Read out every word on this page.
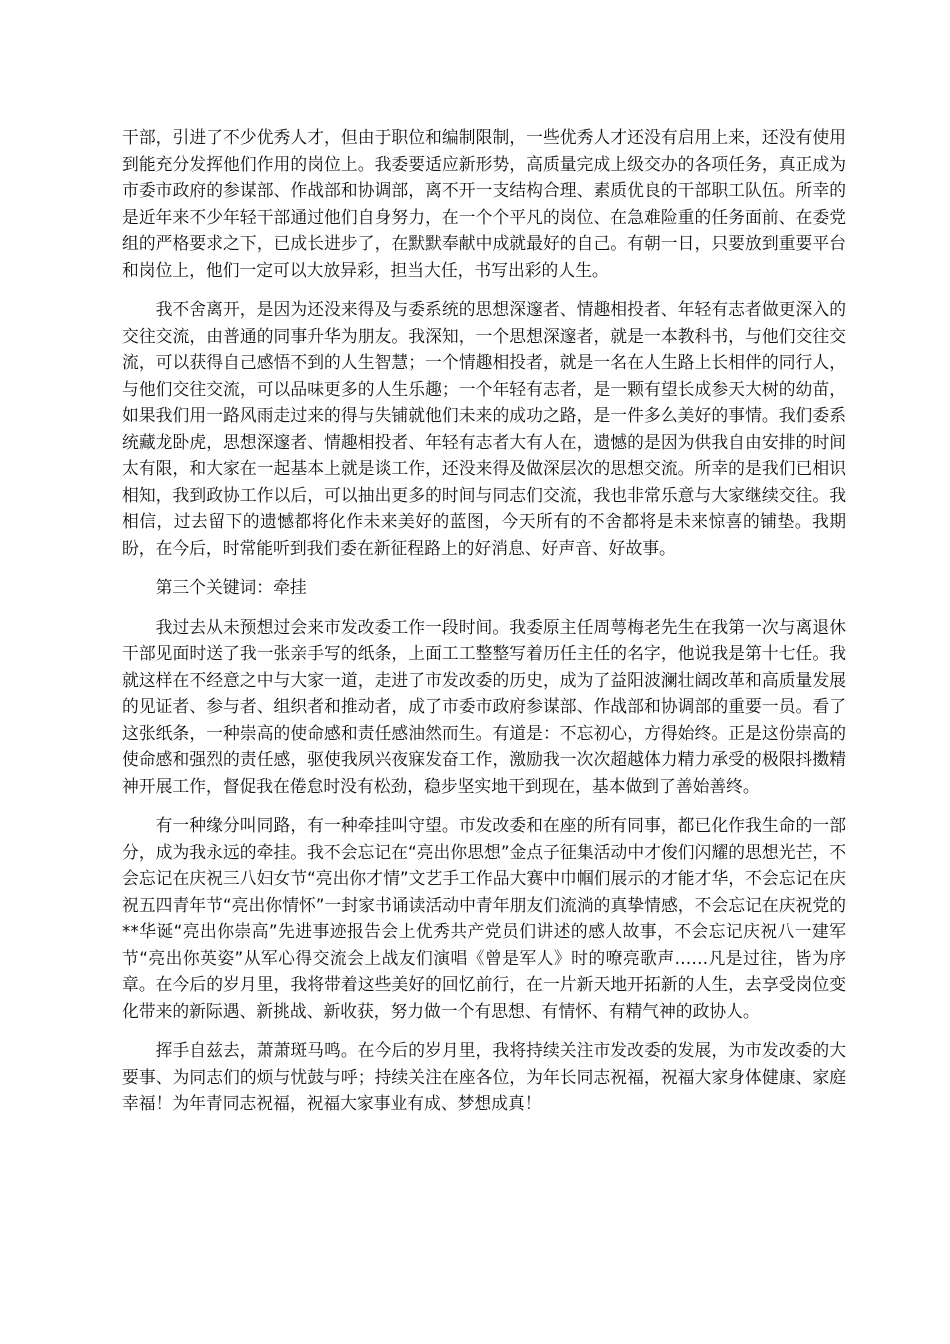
干部，引进了不少优秀人才，但由于职位和编制限制，一些优秀人才还没有启用上来，还没有使用到能充分发挥他们作用的岗位上。我委要适应新形势，高质量完成上级交办的各项任务，真正成为市委市政府的参谋部、作战部和协调部，离不开一支结构合理、素质优良的干部职工队伍。所幸的是近年来不少年轻干部通过他们自身努力，在一个个平凡的岗位、在急难险重的任务面前、在委党组的严格要求之下，已成长进步了，在默默奉献中成就最好的自己。有朝一日，只要放到重要平台和岗位上，他们一定可以大放异彩，担当大任，书写出彩的人生。

我不舍离开，是因为还没来得及与委系统的思想深邃者、情趣相投者、年轻有志者做更深入的交往交流，由普通的同事升华为朋友。我深知，一个思想深邃者，就是一本教科书，与他们交往交流，可以获得自己感悟不到的人生智慧；一个情趣相投者，就是一名在人生路上长相伴的同行人，与他们交往交流，可以品味更多的人生乐趣；一个年轻有志者，是一颗有望长成参天大树的幼苗，如果我们用一路风雨走过来的得与失铺就他们未来的成功之路，是一件多么美好的事情。我们委系统藏龙卧虎，思想深邃者、情趣相投者、年轻有志者大有人在，遗憾的是因为供我自由安排的时间太有限，和大家在一起基本上就是谈工作，还没来得及做深层次的思想交流。所幸的是我们已相识相知，我到政协工作以后，可以抽出更多的时间与同志们交流，我也非常乐意与大家继续交往。我相信，过去留下的遗憾都将化作未来美好的蓝图，今天所有的不舍都将是未来惊喜的铺垫。我期盼，在今后，时常能听到我们委在新征程路上的好消息、好声音、好故事。

第三个关键词：牵挂

我过去从未预想过会来市发改委工作一段时间。我委原主任周萼梅老先生在我第一次与离退休干部见面时送了我一张亲手写的纸条，上面工工整整写着历任主任的名字，他说我是第十七任。我就这样在不经意之中与大家一道，走进了市发改委的历史，成为了益阳波澜壮阔改革和高质量发展的见证者、参与者、组织者和推动者，成了市委市政府参谋部、作战部和协调部的重要一员。看了这张纸条，一种崇高的使命感和责任感油然而生。有道是：不忘初心，方得始终。正是这份崇高的使命感和强烈的责任感，驱使我夙兴夜寐发奋工作，激励我一次次超越体力精力承受的极限抖擞精神开展工作，督促我在倦怠时没有松劲，稳步坚实地干到现在，基本做到了善始善终。

有一种缘分叫同路，有一种牵挂叫守望。市发改委和在座的所有同事，都已化作我生命的一部分，成为我永远的牵挂。我不会忘记在“亮出你思想”金点子征集活动中才俊们闪耀的思想光芒，不会忘记在庆祝三八妇女节“亮出你才情”文艺手工作品大赛中巾帼们展示的才能才华，不会忘记在庆祝五四青年节“亮出你情怀”一封家书诵读活动中青年朋友们流淌的真挚情感，不会忘记在庆祝党的**华诞“亮出你崇高”先进事迹报告会上优秀共产党员们讲述的感人故事，不会忘记庆祝八一建军节“亮出你英姿”从军心得交流会上战友们演唱《曾是军人》时的嘹亮歌声……凡是过往，皆为序章。在今后的岁月里，我将带着这些美好的回忆前行，在一片新天地开拓新的人生，去享受岗位变化带来的新际遇、新挑战、新收获，努力做一个有思想、有情怀、有精气神的政协人。

挥手自兹去，萧萧斑马鸣。在今后的岁月里，我将持续关注市发改委的发展，为市发改委的大要事、为同志们的烦与忧鼓与呼；持续关注在座各位，为年长同志祝福，祝福大家身体健康、家庭幸福！为年青同志祝福，祝福大家事业有成、梦想成真！
